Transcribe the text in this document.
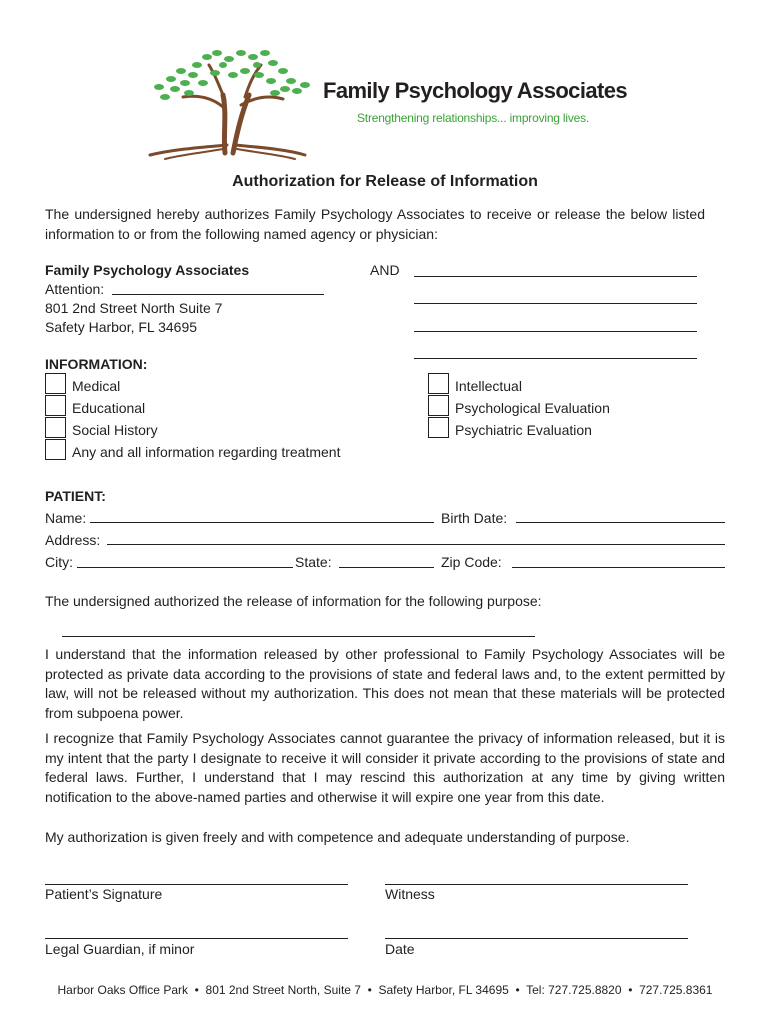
Family Psychology Associates
Strengthening relationships... improving lives.
Authorization for Release of Information
The undersigned hereby authorizes Family Psychology Associates to receive or release the below listed information to or from the following named agency or physician:
Family Psychology Associates
Attention:
801 2nd Street North Suite 7
Safety Harbor, FL 34695
AND
INFORMATION:
Medical
Educational
Social History
Any and all information regarding treatment
Intellectual
Psychological Evaluation
Psychiatric Evaluation
PATIENT:
Name:	Birth Date:
Address:
City:	State:	Zip Code:
The undersigned authorized the release of information for the following purpose:
I understand that the information released by other professional to Family Psychology Associates will be protected as private data according to the provisions of state and federal laws and, to the extent permitted by law, will not be released without my authorization. This does not mean that these materials will be protected from subpoena power.
I recognize that Family Psychology Associates cannot guarantee the privacy of information released, but it is my intent that the party I designate to receive it will consider it private according to the provisions of state and federal laws. Further, I understand that I may rescind this authorization at any time by giving written notification to the above-named parties and otherwise it will expire one year from this date.
My authorization is given freely and with competence and adequate understanding of purpose.
Patient’s Signature	Witness
Legal Guardian, if minor	Date
Harbor Oaks Office Park  •  801 2nd Street North, Suite 7  •  Safety Harbor, FL 34695  •  Tel: 727.725.8820  •  727.725.8361
